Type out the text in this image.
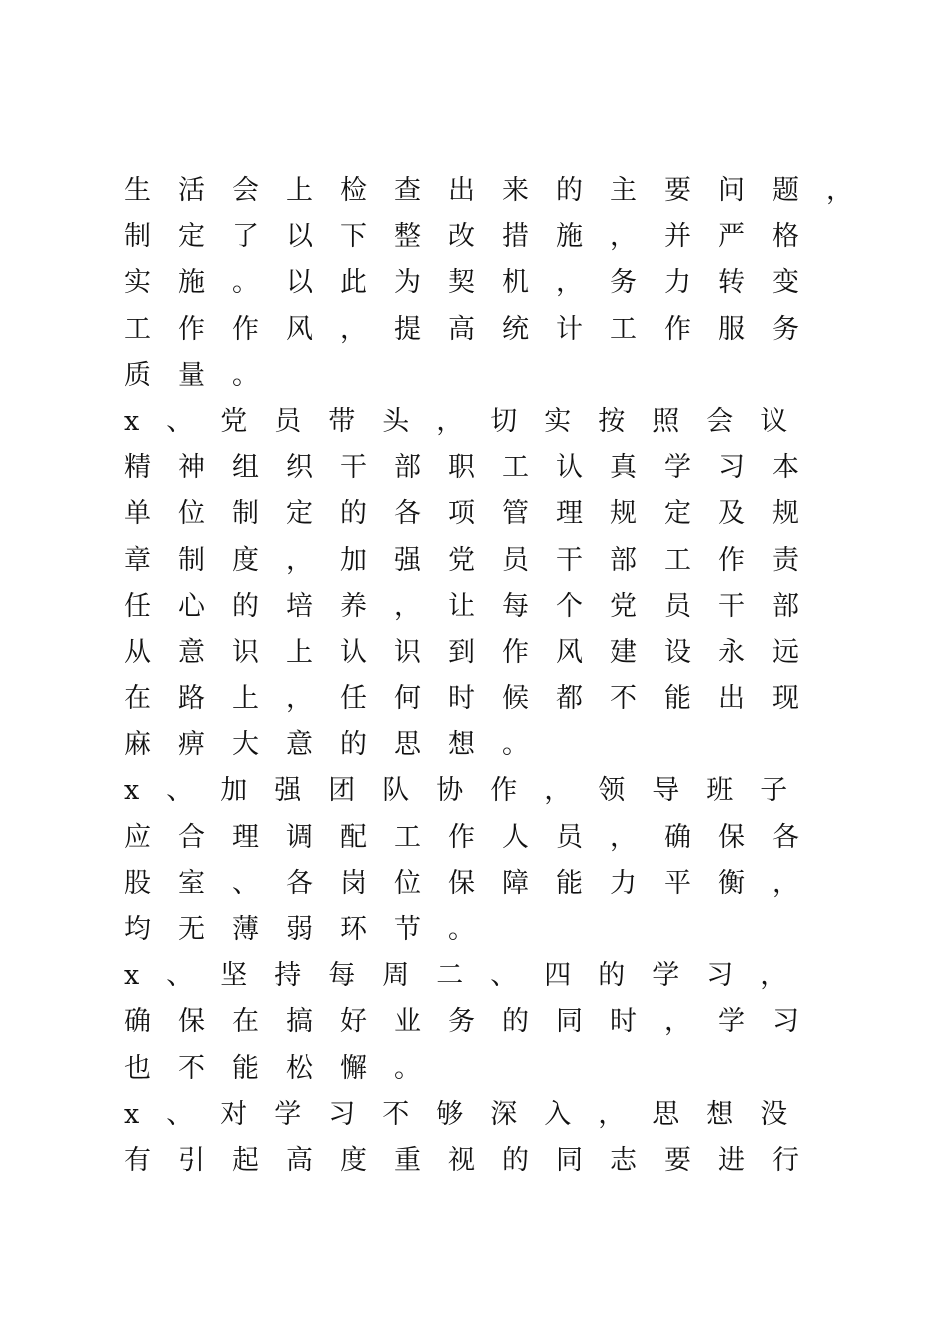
生活会上检查出来的主要问题，
制定了以下整改措施，并严格
实施。以此为契机，务力转变
工作作风，提高统计工作服务
质量。
x、党员带头，切实按照会议
精神组织干部职工认真学习本
单位制定的各项管理规定及规
章制度，加强党员干部工作责
任心的培养，让每个党员干部
从意识上认识到作风建设永远
在路上，任何时候都不能出现
麻痹大意的思想。
x、加强团队协作，领导班子
应合理调配工作人员，确保各
股室、各岗位保障能力平衡，
均无薄弱环节。
x、坚持每周二、四的学习，
确保在搞好业务的同时，学习
也不能松懈。
x、对学习不够深入，思想没
有引起高度重视的同志要进行
